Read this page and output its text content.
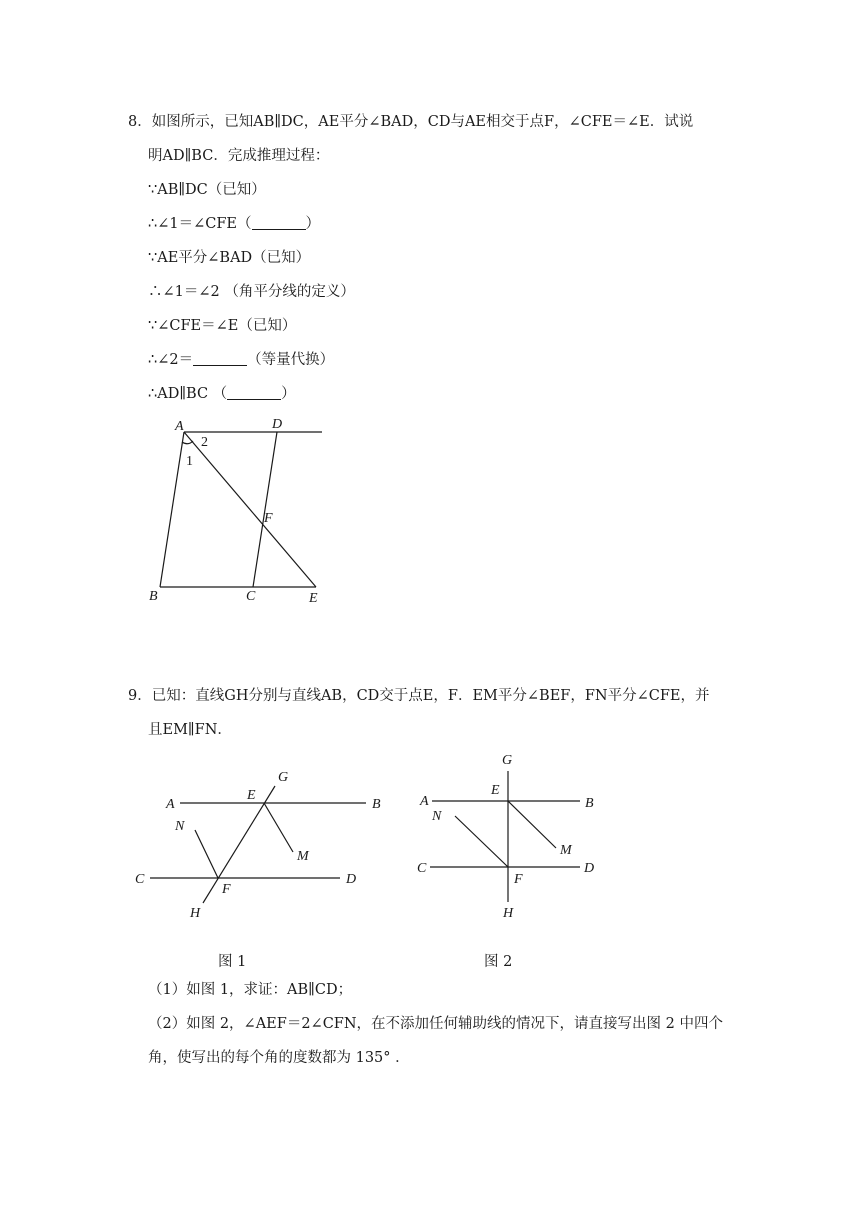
8．如图所示，已知AB∥DC，AE平分∠BAD，CD与AE相交于点F，∠CFE＝∠E．试说
明AD∥BC．完成推理过程：
∵AB∥DC（已知）
∴∠1＝∠CFE（	）
∵AE平分∠BAD（已知）
∴∠1＝∠2 （角平分线的定义）
∵∠CFE＝∠E（已知）
∴∠2＝	（等量代换）
∴AD∥BC （	）
A	D
2
1
F
B	C	E
9．已知：直线GH分别与直线AB，CD交于点E，F．EM平分∠BEF，FN平分∠CFE，并
且EM∥FN．
G
A
E
B
N
M
C	D
F
H
G
A
E
B
N
M
C	D
F
H
图 1	图 2
（1）如图 1，求证：AB∥CD；
（2）如图 2，∠AEF＝2∠CFN，在不添加任何辅助线的情况下，请直接写出图 2 中四个
角，使写出的每个角的度数都为 135° ．
